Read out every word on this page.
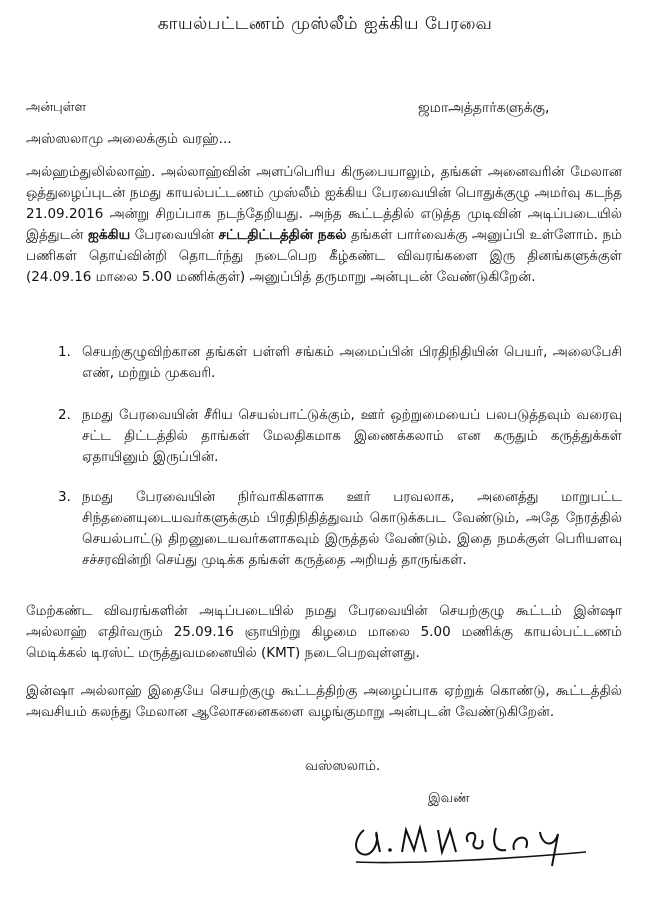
காயல்பட்டணம் முஸ்லீம் ஐக்கிய பேரவை
அன்புள்ள	ஜமாஅத்தார்களுக்கு,
அஸ்ஸலாமு அலைக்கும் வரஹ்...
அல்ஹம்துலில்லாஹ். அல்லாஹ்வின் அளப்பெரிய கிருபையாலும், தங்கள் அனைவரின் மேலான ஒத்துழைப்புடன் நமது காயல்பட்டணம் முஸ்லீம் ஐக்கிய பேரவையின் பொதுக்குழு அமர்வு கடந்த 21.09.2016 அன்று சிறப்பாக நடந்தேறியது. அந்த கூட்டத்தில் எடுத்த முடிவின் அடிப்படையில் இத்துடன் ஐக்கிய பேரவையின் சட்டதிட்டத்தின் நகல் தங்கள் பார்வைக்கு அனுப்பி உள்ளோம். நம் பணிகள் தொய்வின்றி தொடர்ந்து நடைபெற கீழ்கண்ட விவரங்களை இரு தினங்களுக்குள் (24.09.16 மாலை 5.00 மணிக்குள்) அனுப்பித் தருமாறு அன்புடன் வேண்டுகிறேன்.
1. செயற்குழுவிற்கான தங்கள் பள்ளி சங்கம் அமைப்பின் பிரதிநிதியின் பெயர், அலைபேசி எண், மற்றும் முகவரி.
2. நமது பேரவையின் சீரிய செயல்பாட்டுக்கும், ஊர் ஒற்றுமையைப் பலபடுத்தவும் வரைவு சட்ட திட்டத்தில் தாங்கள் மேலதிகமாக இணைக்கலாம் என கருதும் கருத்துக்கள் ஏதாயினும் இருப்பின்.
3. நமது பேரவையின் நிர்வாகிகளாக ஊர் பரவலாக, அனைத்து மாறுபட்ட சிந்தனையுடையவர்களுக்கும் பிரதிநிதித்துவம் கொடுக்கபட வேண்டும், அதே நேரத்தில் செயல்பாட்டு திறனுடையவர்களாகவும் இருத்தல் வேண்டும். இதை நமக்குள் பெரியளவு சச்சரவின்றி செய்து முடிக்க தங்கள் கருத்தை அறியத் தாருங்கள்.
மேற்கண்ட விவரங்களின் அடிப்படையில் நமது பேரவையின் செயற்குழு கூட்டம் இன்ஷா அல்லாஹ் எதிர்வரும் 25.09.16 ஞாயிற்று கிழமை மாலை 5.00 மணிக்கு காயல்பட்டணம் மெடிக்கல் டிரஸ்ட் மருத்துவமனையில் (KMT) நடைபெறவுள்ளது.
இன்ஷா அல்லாஹ் இதையே செயற்குழு கூட்டத்திற்கு அழைப்பாக ஏற்றுக் கொண்டு, கூட்டத்தில் அவசியம் கலந்து மேலான ஆலோசனைகளை வழங்குமாறு அன்புடன் வேண்டுகிறேன்.
வஸ்ஸலாம்.
இவண்
